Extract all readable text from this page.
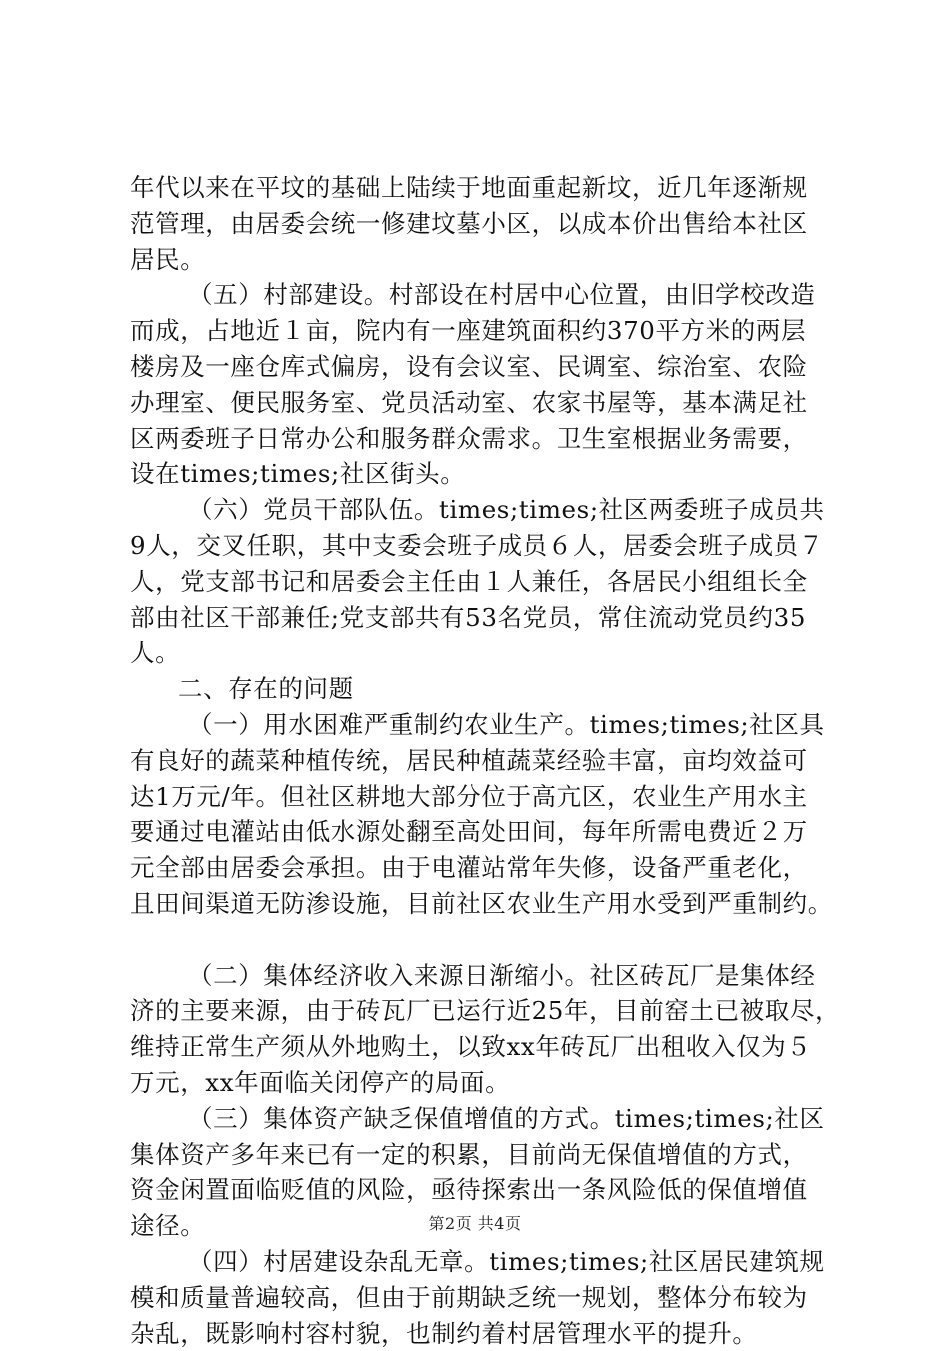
年代以来在平坟的基础上陆续于地面重起新坟，近几年逐渐规
范管理，由居委会统一修建坟墓小区，以成本价出售给本社区
居民。
（五）村部建设。村部设在村居中心位置，由旧学校改造
而成，占地近１亩，院内有一座建筑面积约370平方米的两层
楼房及一座仓库式偏房，设有会议室、民调室、综治室、农险
办理室、便民服务室、党员活动室、农家书屋等，基本满足社
区两委班子日常办公和服务群众需求。卫生室根据业务需要，
设在times;times;社区街头。
（六）党员干部队伍。times;times;社区两委班子成员共
9人，交叉任职，其中支委会班子成员６人，居委会班子成员７
人，党支部书记和居委会主任由１人兼任，各居民小组组长全
部由社区干部兼任;党支部共有53名党员，常住流动党员约35
人。
二、存在的问题
（一）用水困难严重制约农业生产。times;times;社区具
有良好的蔬菜种植传统，居民种植蔬菜经验丰富，亩均效益可
达1万元/年。但社区耕地大部分位于高亢区，农业生产用水主
要通过电灌站由低水源处翻至高处田间，每年所需电费近２万
元全部由居委会承担。由于电灌站常年失修，设备严重老化，
且田间渠道无防渗设施，目前社区农业生产用水受到严重制约。
（二）集体经济收入来源日渐缩小。社区砖瓦厂是集体经
济的主要来源，由于砖瓦厂已运行近25年，目前窑土已被取尽，
维持正常生产须从外地购土，以致xx年砖瓦厂出租收入仅为５
万元，xx年面临关闭停产的局面。
（三）集体资产缺乏保值增值的方式。times;times;社区
集体资产多年来已有一定的积累，目前尚无保值增值的方式，
资金闲置面临贬值的风险，亟待探索出一条风险低的保值增值
途径。
（四）村居建设杂乱无章。times;times;社区居民建筑规
模和质量普遍较高，但由于前期缺乏统一规划，整体分布较为
杂乱，既影响村容村貌，也制约着村居管理水平的提升。
第2页 共4页
